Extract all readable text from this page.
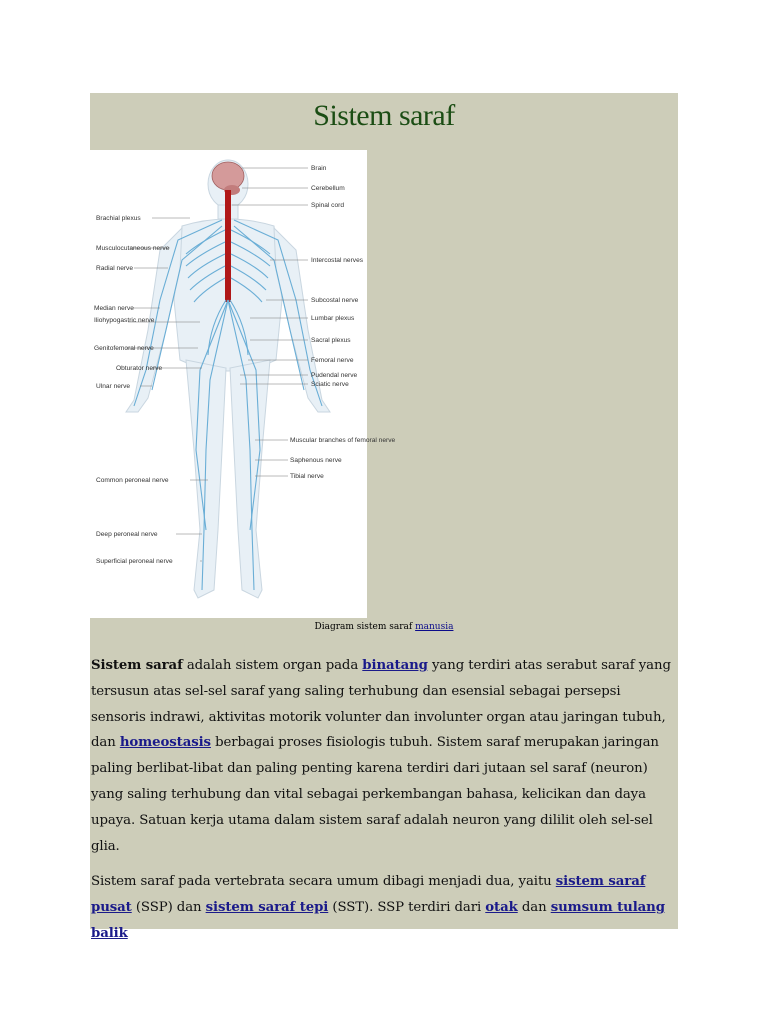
Sistem saraf
Brain
Cerebellum
Spinal cord
Intercostal nerves
Subcostal nerve
Lumbar plexus
Sacral plexus
Femoral nerve
Pudendal nerve
Sciatic nerve
Muscular branches of femoral nerve
Saphenous nerve
Tibial nerve
Brachial plexus
Musculocutaneous nerve
Radial nerve
Median nerve
Iliohypogastric nerve
Genitofemoral nerve
Obturator nerve
Ulnar nerve
Common peroneal nerve
Deep peroneal nerve
Superficial peroneal nerve
Diagram sistem saraf manusia

Sistem saraf adalah sistem organ pada binatang yang terdiri atas serabut saraf yang tersusun atas sel-sel saraf yang saling terhubung dan esensial sebagai persepsi sensoris indrawi, aktivitas motorik volunter dan involunter organ atau jaringan tubuh, dan homeostasis berbagai proses fisiologis tubuh. Sistem saraf merupakan jaringan paling berlibat-libat dan paling penting karena terdiri dari jutaan sel saraf (neuron) yang saling terhubung dan vital sebagai perkembangan bahasa, kelicikan dan daya upaya. Satuan kerja utama dalam sistem saraf adalah neuron yang dililit oleh sel-sel glia.

Sistem saraf pada vertebrata secara umum dibagi menjadi dua, yaitu sistem saraf pusat (SSP) dan sistem saraf tepi (SST). SSP terdiri dari otak dan sumsum tulang balik
